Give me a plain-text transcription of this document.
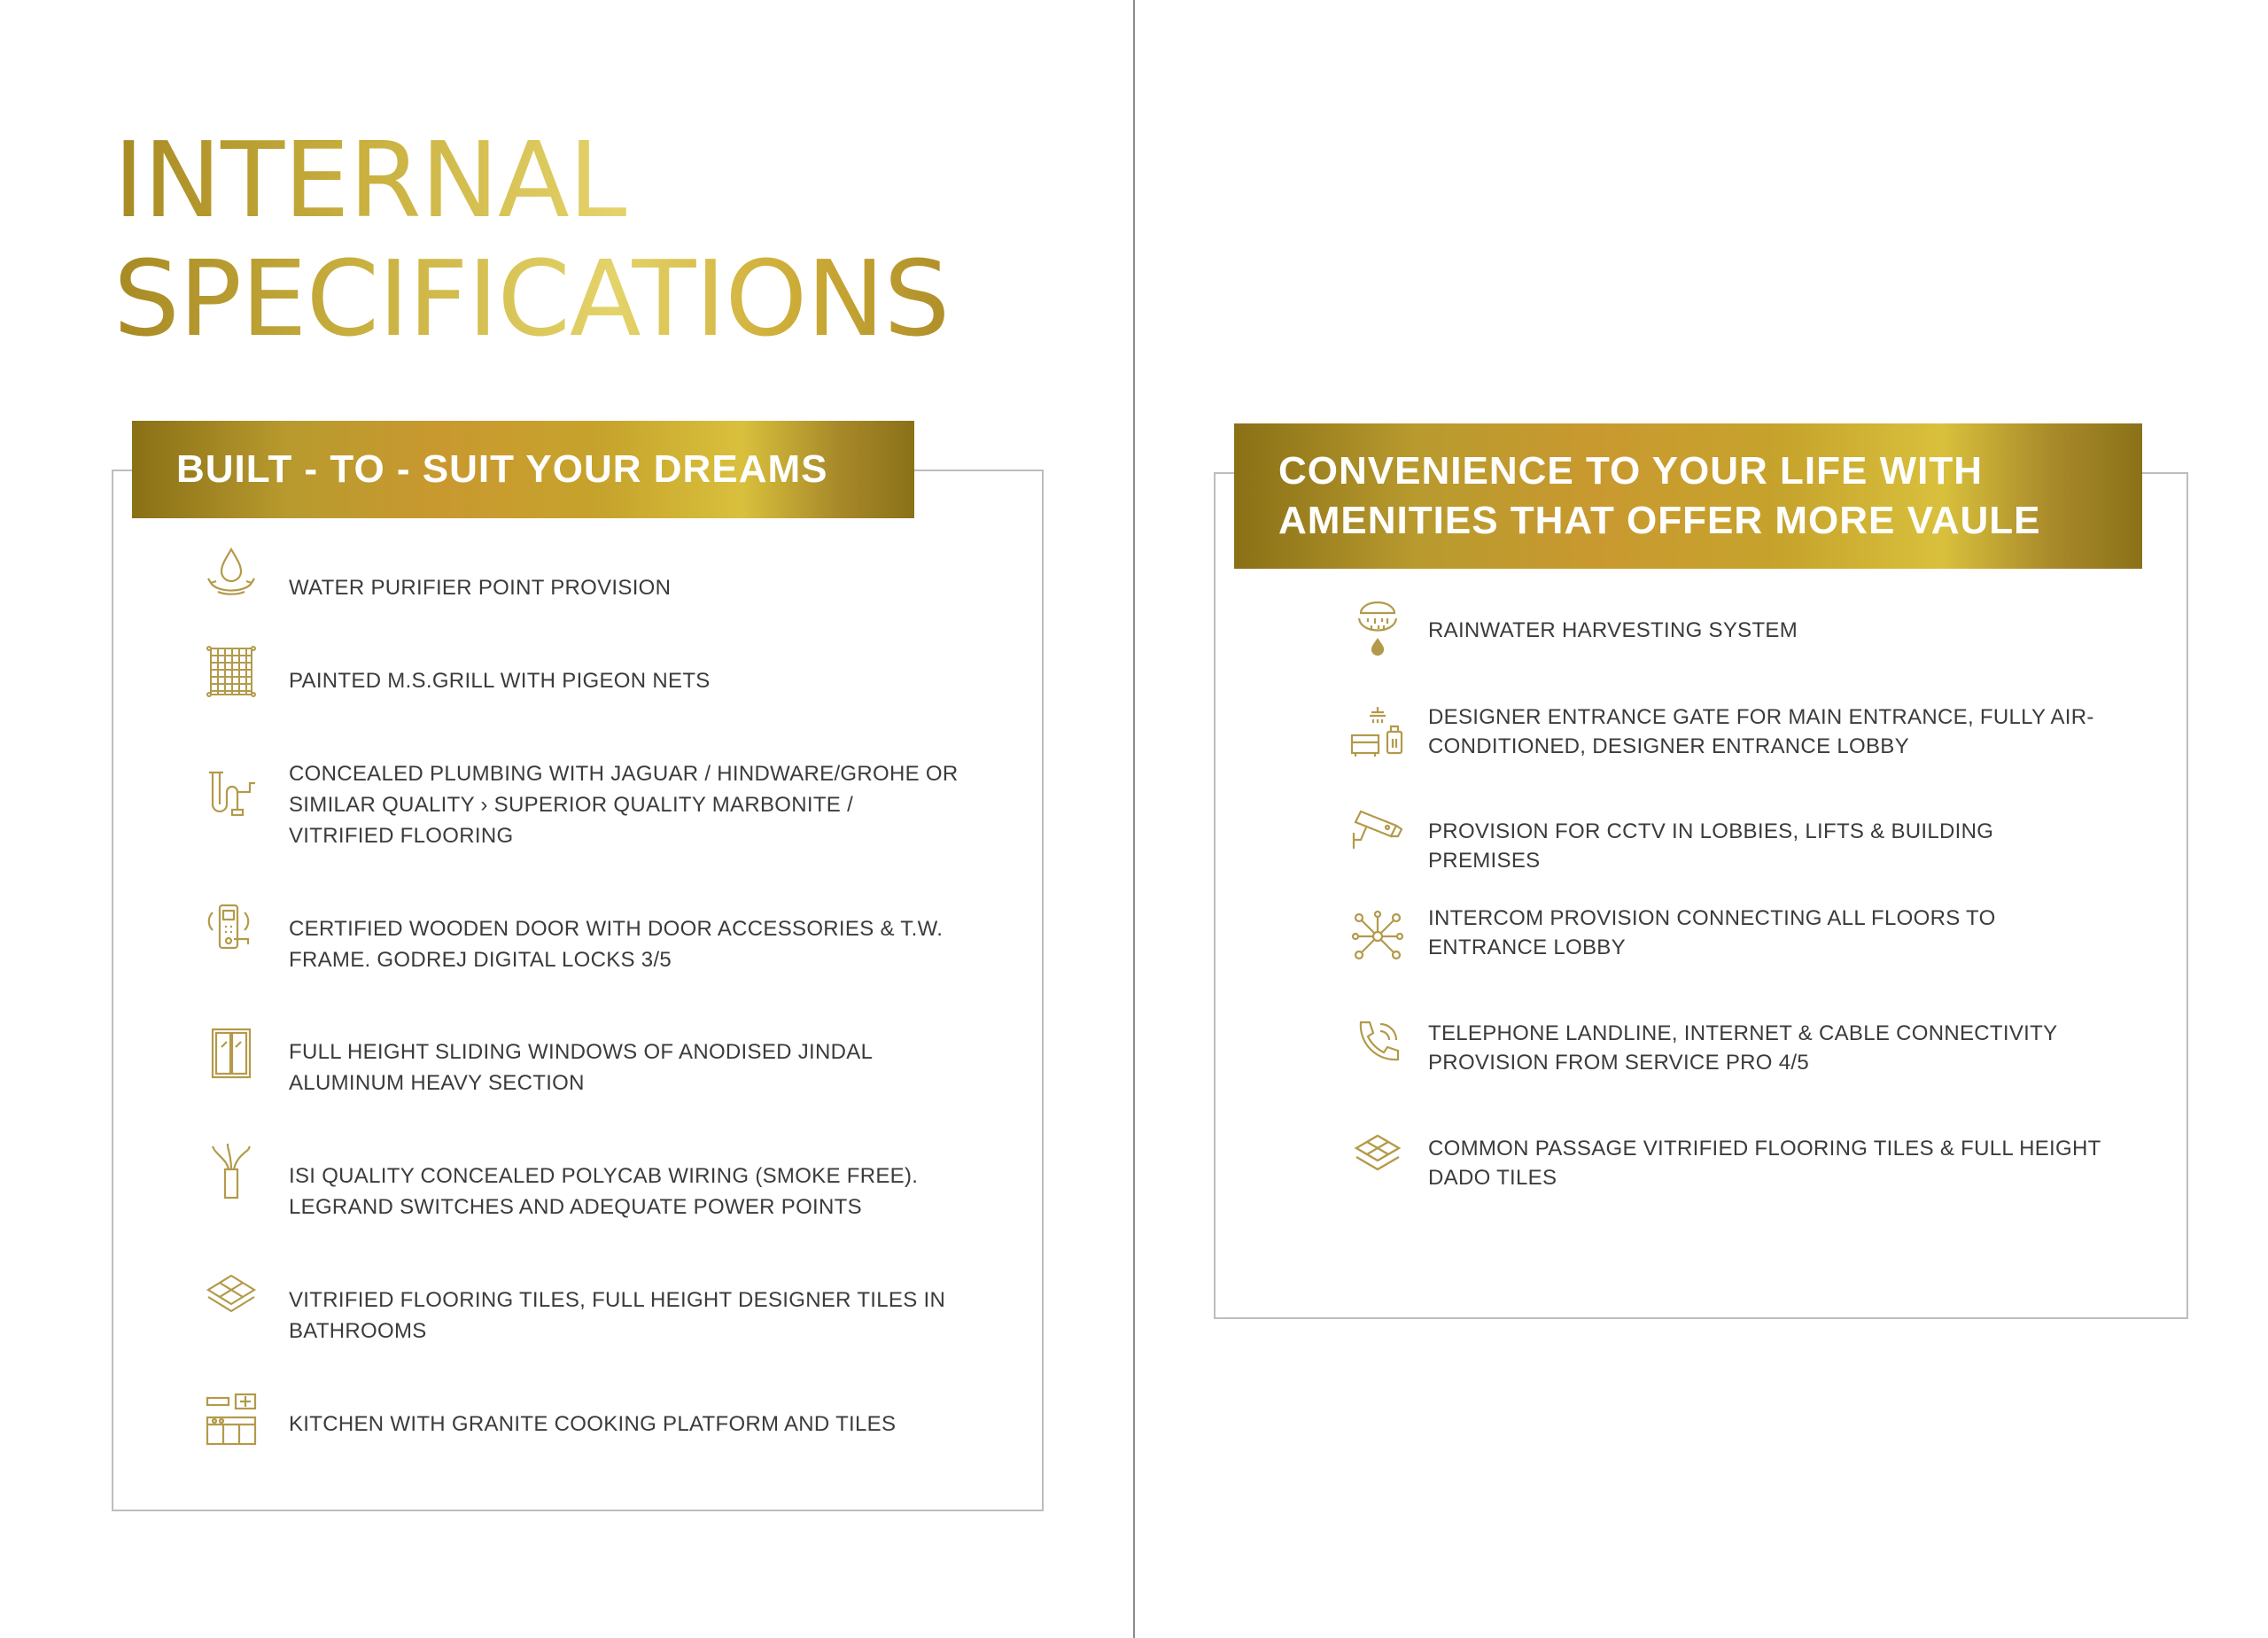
INTERNAL
SPECIFICATIONS
BUILT - TO - SUIT YOUR DREAMS
WATER PURIFIER POINT PROVISION
PAINTED M.S.GRILL WITH PIGEON NETS
CONCEALED PLUMBING WITH JAGUAR / HINDWARE/GROHE OR SIMILAR QUALITY › SUPERIOR QUALITY MARBONITE / VITRIFIED FLOORING
CERTIFIED WOODEN DOOR WITH DOOR ACCESSORIES & T.W. FRAME. GODREJ DIGITAL LOCKS 3/5
FULL HEIGHT SLIDING WINDOWS OF ANODISED JINDAL ALUMINUM HEAVY SECTION
ISI QUALITY CONCEALED POLYCAB WIRING (SMOKE FREE). LEGRAND SWITCHES AND ADEQUATE POWER POINTS
VITRIFIED FLOORING TILES, FULL HEIGHT DESIGNER TILES IN BATHROOMS
KITCHEN WITH GRANITE COOKING PLATFORM AND TILES
CONVENIENCE TO YOUR LIFE WITH
AMENITIES THAT OFFER MORE VAULE
RAINWATER HARVESTING SYSTEM
DESIGNER ENTRANCE GATE FOR MAIN ENTRANCE, FULLY AIR-CONDITIONED, DESIGNER ENTRANCE LOBBY
PROVISION FOR CCTV IN LOBBIES, LIFTS & BUILDING PREMISES
INTERCOM PROVISION CONNECTING ALL FLOORS TO ENTRANCE LOBBY
TELEPHONE LANDLINE, INTERNET & CABLE CONNECTIVITY PROVISION FROM SERVICE PRO 4/5
COMMON PASSAGE VITRIFIED FLOORING TILES & FULL HEIGHT DADO TILES
